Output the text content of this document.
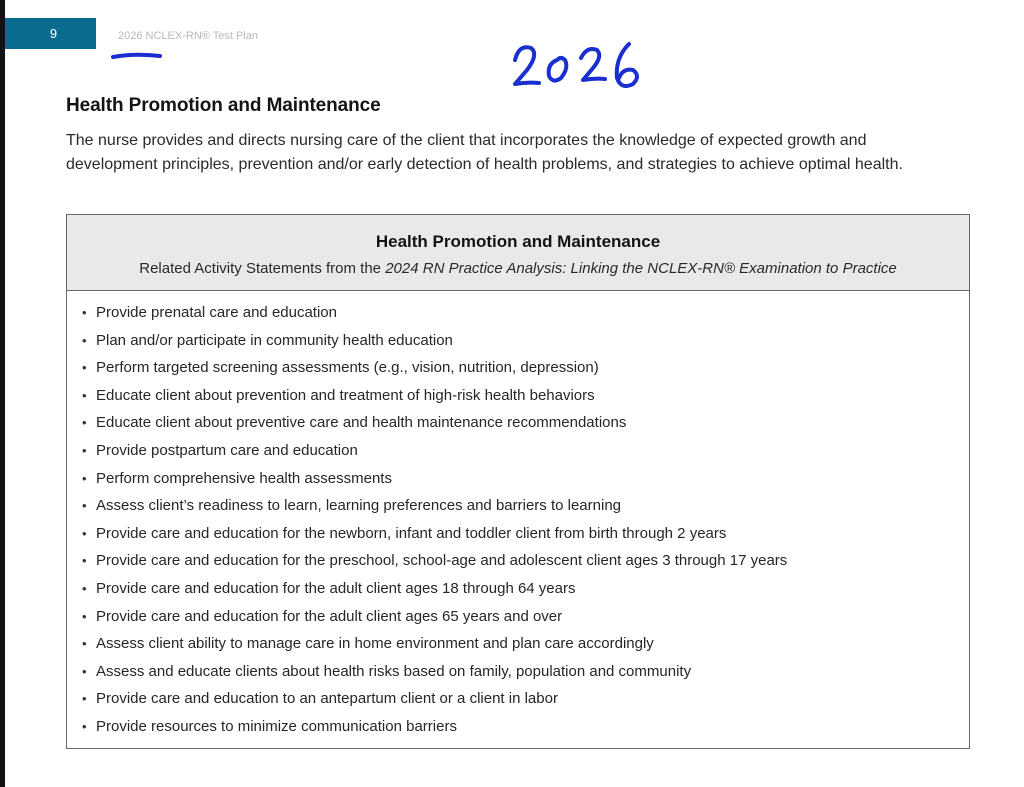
9	2026 NCLEX-RN® Test Plan	2026
Health Promotion and Maintenance
The nurse provides and directs nursing care of the client that incorporates the knowledge of expected growth and development principles, prevention and/or early detection of health problems, and strategies to achieve optimal health.
Health Promotion and Maintenance
Related Activity Statements from the 2024 RN Practice Analysis: Linking the NCLEX-RN® Examination to Practice
• Provide prenatal care and education
• Plan and/or participate in community health education
• Perform targeted screening assessments (e.g., vision, nutrition, depression)
• Educate client about prevention and treatment of high-risk health behaviors
• Educate client about preventive care and health maintenance recommendations
• Provide postpartum care and education
• Perform comprehensive health assessments
• Assess client’s readiness to learn, learning preferences and barriers to learning
• Provide care and education for the newborn, infant and toddler client from birth through 2 years
• Provide care and education for the preschool, school-age and adolescent client ages 3 through 17 years
• Provide care and education for the adult client ages 18 through 64 years
• Provide care and education for the adult client ages 65 years and over
• Assess client ability to manage care in home environment and plan care accordingly
• Assess and educate clients about health risks based on family, population and community
• Provide care and education to an antepartum client or a client in labor
• Provide resources to minimize communication barriers
